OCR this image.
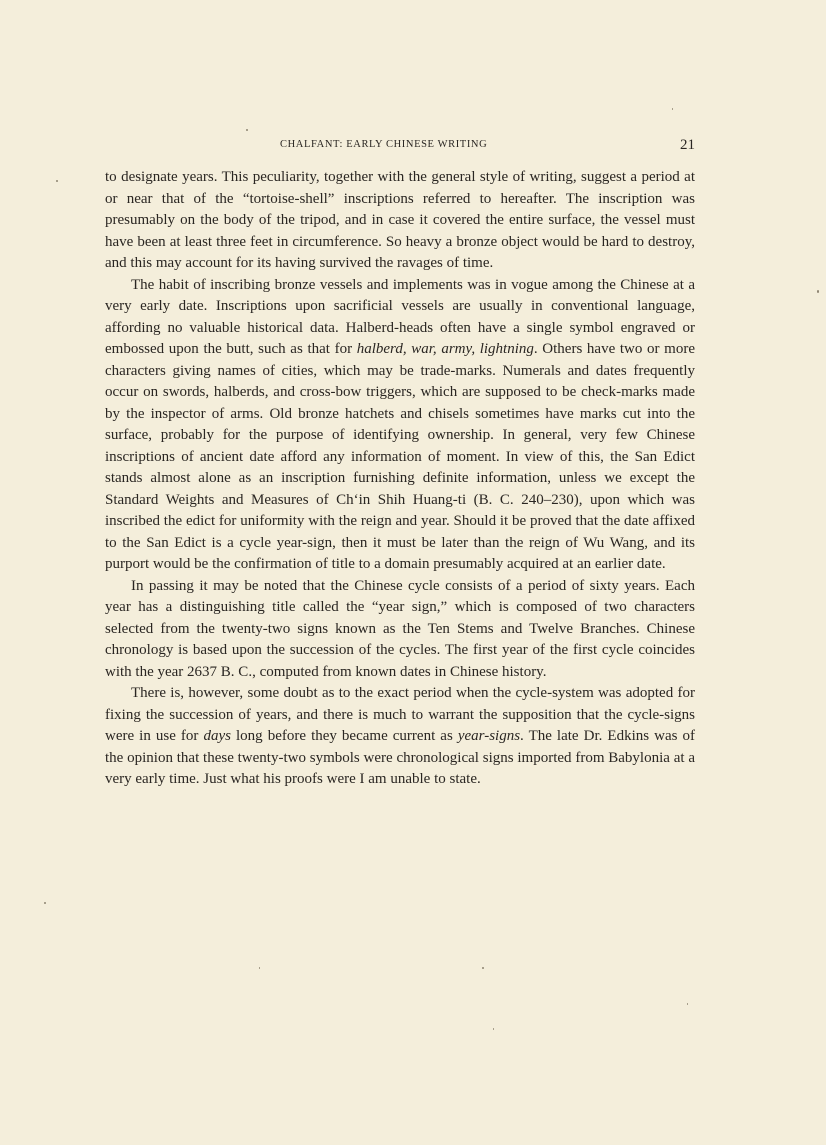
CHALFANT: EARLY CHINESE WRITING	21

to designate years. This peculiarity, together with the general style of writing, suggest a period at or near that of the “tortoise-shell” inscriptions referred to hereafter. The inscription was presumably on the body of the tripod, and in case it covered the entire surface, the vessel must have been at least three feet in circumference. So heavy a bronze object would be hard to destroy, and this may account for its having survived the ravages of time.

The habit of inscribing bronze vessels and implements was in vogue among the Chinese at a very early date. Inscriptions upon sacrificial vessels are usually in conventional language, affording no valuable historical data. Halberd-heads often have a single symbol engraved or embossed upon the butt, such as that for halberd, war, army, lightning. Others have two or more characters giving names of cities, which may be trade-marks. Numerals and dates frequently occur on swords, halberds, and cross-bow triggers, which are supposed to be check-marks made by the inspector of arms. Old bronze hatchets and chisels sometimes have marks cut into the surface, probably for the purpose of identifying ownership. In general, very few Chinese inscriptions of ancient date afford any information of moment. In view of this, the San Edict stands almost alone as an inscription furnishing definite information, unless we except the Standard Weights and Measures of Ch‘in Shih Huang-ti (B. C. 240–230), upon which was inscribed the edict for uniformity with the reign and year. Should it be proved that the date affixed to the San Edict is a cycle year-sign, then it must be later than the reign of Wu Wang, and its purport would be the confirmation of title to a domain presumably acquired at an earlier date.

In passing it may be noted that the Chinese cycle consists of a period of sixty years. Each year has a distinguishing title called the “year sign,” which is composed of two characters selected from the twenty-two signs known as the Ten Stems and Twelve Branches. Chinese chronology is based upon the succession of the cycles. The first year of the first cycle coincides with the year 2637 B. C., computed from known dates in Chinese history.

There is, however, some doubt as to the exact period when the cycle-system was adopted for fixing the succession of years, and there is much to warrant the supposition that the cycle-signs were in use for days long before they became current as year-signs. The late Dr. Edkins was of the opinion that these twenty-two symbols were chronological signs imported from Babylonia at a very early time. Just what his proofs were I am unable to state.
